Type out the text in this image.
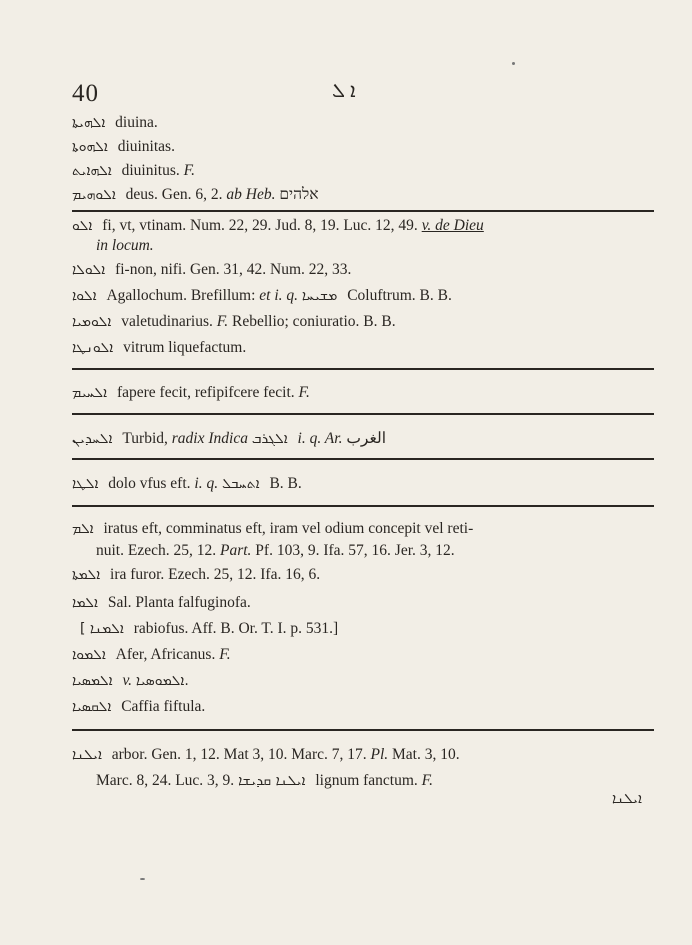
40	ܐ ܠ
ܐܠܗܝܬܐ diuina.
ܐܠܗܘܬܐ diuinitas.
ܐܠܗܐܝܬ diuinitus. F.
ܐܠܘܗܝܡ deus. Gen. 6, 2. ab Heb. אלהים
ܐܠܘ fi, vt, vtinam. Num. 22, 29. Jud. 8, 19. Luc. 12, 49. v. de Dieu
in locum.
ܐܠܘܠܐ fi-non, nifi. Gen. 31, 42. Num. 22, 33.
ܐܠܘܐ Agallochum. Brefillum: et i. q. ܡܫܝܚܐ Coluftrum. B. B.
ܐܠܘܡܝܐ valetudinarius. F. Rebellio; coniuratio. B. B.
ܐܠܘܢܛܐ vitrum liquefactum.
ܐܠܚܝܡ fapere fecit, refipifcere fecit. F.
ܐܠܚܕܝܢ Turbid, radix Indica ܐܠܓܪܒ i. q. Ar. الغرب
ܐܠܛܐ dolo vfus eft. i. q. ܐܬܚܒܠ B. B.
ܐܠܡ iratus eft, comminatus eft, iram vel odium concepit vel reti-
nuit. Ezech. 25, 12. Part. Pf. 103, 9. Ifa. 57, 16. Jer. 3, 12.
ܐܠܡܬܐ ira furor. Ezech. 25, 12. Ifa. 16, 6.
ܐܠܡܐ Sal. Planta falfuginofa.
[ ܐܠܡܢܐ rabiofus. Aff. B. Or. T. I. p. 531.]
ܐܠܡܘܐ Afer, Africanus. F.
ܐܠܡܣܝܐ v. ܐܠܡܘܣܝܐ.
ܐܠܩܣܝܐ Caffia fiftula.
ܐܝܠܢܐ arbor. Gen. 1, 12. Mat 3, 10. Marc. 7, 17. Pl. Mat. 3, 10.
Marc. 8, 24. Luc. 3, 9. ܐܝܠܢܐ ܩܕܝܫܐ lignum fanctum. F.
ܐܝܠܢܐ
